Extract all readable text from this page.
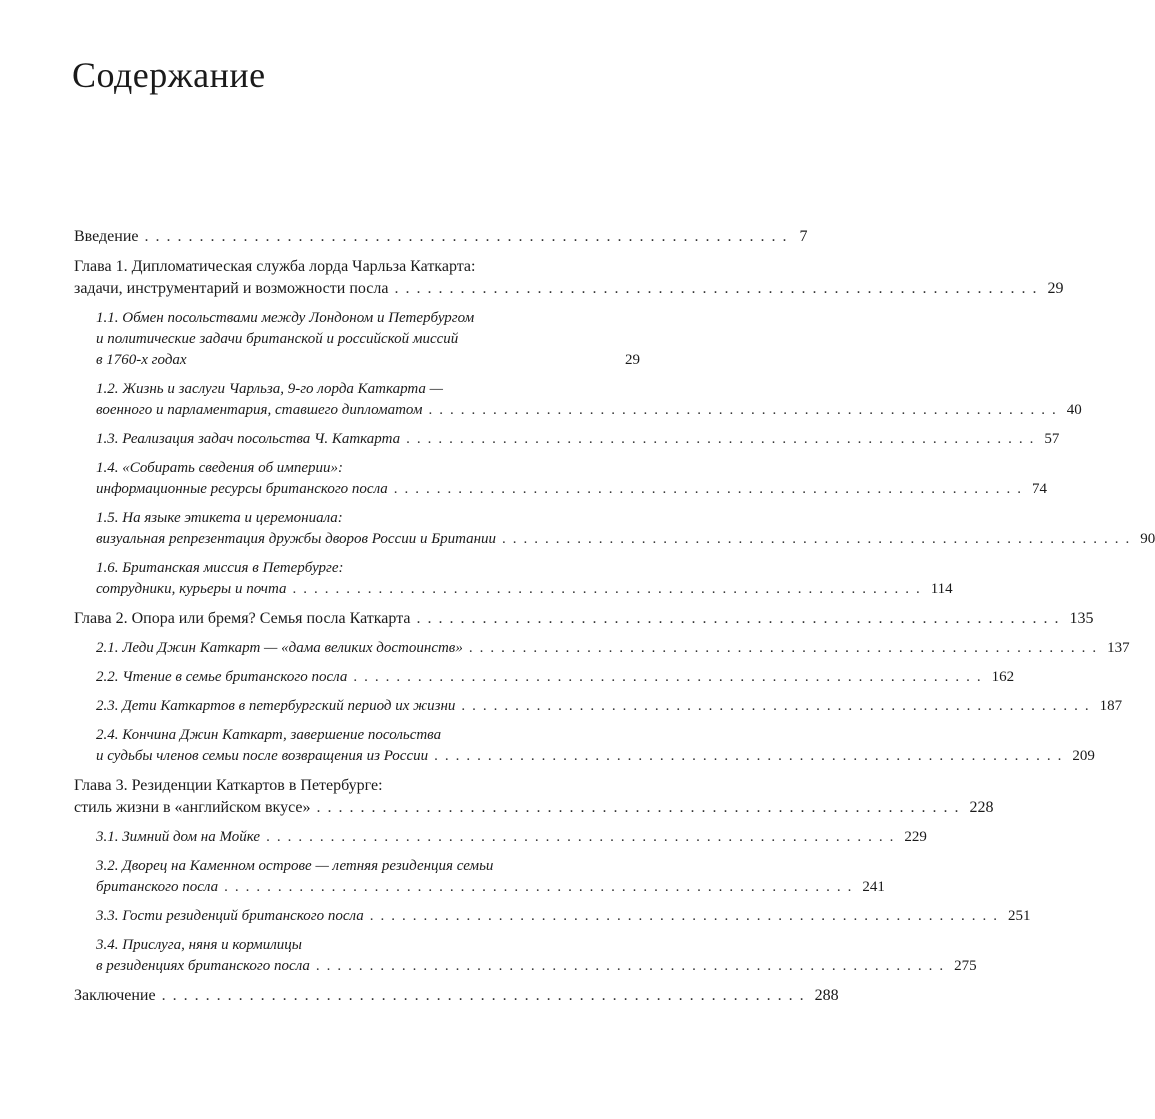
Содержание
Введение ........................................................... 7
Глава 1. Дипломатическая служба лорда Чарльза Каткарта:
задачи, инструментарий и возможности посла ........................................................... 29
1.1. Обмен посольствами между Лондоном и Петербургом
и политические задачи британской и российской миссий
в 1760-х годах	29
1.2. Жизнь и заслуги Чарльза, 9-го лорда Каткарта —
военного и парламентария, ставшего дипломатом ........................................................... 40
1.3. Реализация задач посольства Ч. Каткарта ........................................................... 57
1.4. «Собирать сведения об империи»:
информационные ресурсы британского посла ........................................................... 74
1.5. На языке этикета и церемониала:
визуальная репрезентация дружбы дворов России и Британии ........................................................... 90
1.6. Британская миссия в Петербурге:
сотрудники, курьеры и почта ........................................................... 114
Глава 2. Опора или бремя? Семья посла Каткарта ........................................................... 135
2.1. Леди Джин Каткарт — «дама великих достоинств» ........................................................... 137
2.2. Чтение в семье британского посла ........................................................... 162
2.3. Дети Каткартов в петербургский период их жизни ........................................................... 187
2.4. Кончина Джин Каткарт, завершение посольства
и судьбы членов семьи после возвращения из России ........................................................... 209
Глава 3. Резиденции Каткартов в Петербурге:
стиль жизни в «английском вкусе» ........................................................... 228
3.1. Зимний дом на Мойке ........................................................... 229
3.2. Дворец на Каменном острове — летняя резиденция семьи
британского посла ........................................................... 241
3.3. Гости резиденций британского посла ........................................................... 251
3.4. Прислуга, няня и кормилицы
в резиденциях британского посла ........................................................... 275
Заключение ........................................................... 288
